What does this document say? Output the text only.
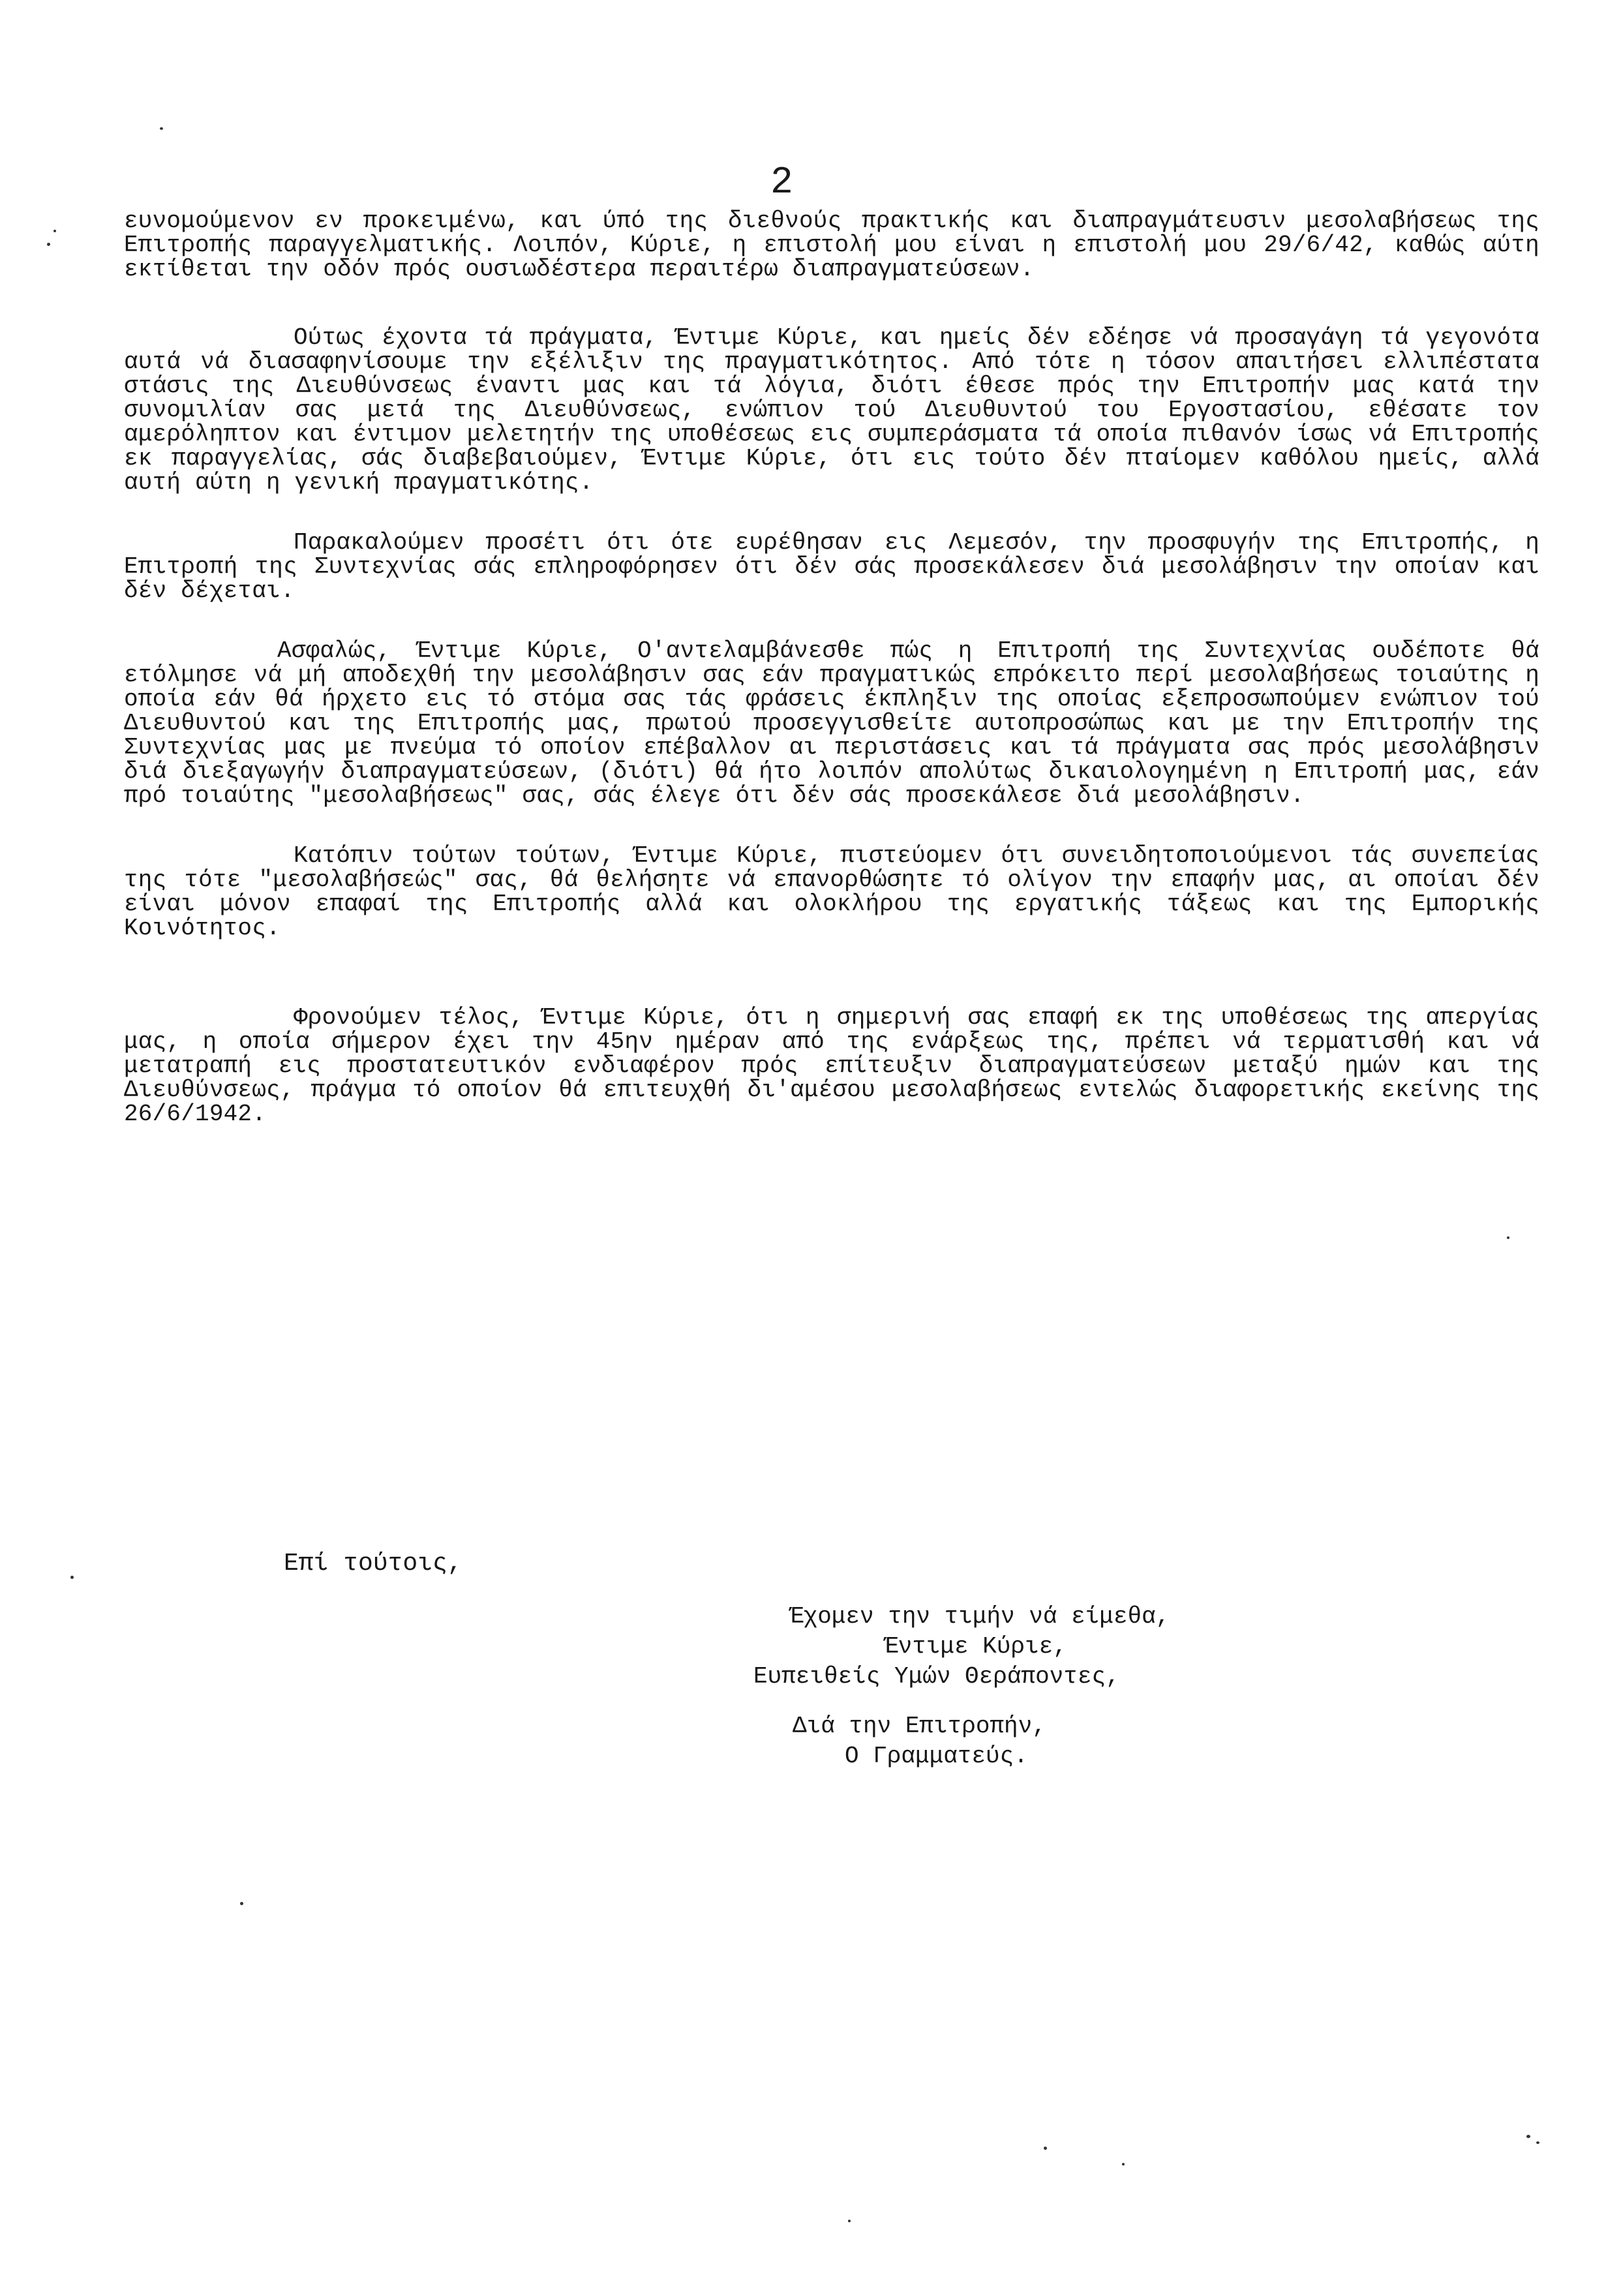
2

ευνομούμενον εν προκειμένω, και ύπό της διεθνούς πρακτικής και διαπραγμάτευσιν μεσολαβήσεως της Επιτροπής παραγγελματικής. Λοιπόν, Κύριε, η επιστολή μου είναι η επιστολή μου 29/6/42, καθώς αύτη εκτίθεται την οδόν πρός ουσιωδέστερα περαιτέρω διαπραγματεύσεων.

Ούτως έχοντα τά πράγματα, Έντιμε Κύριε, και ημείς δέν εδέησε νά προσαγάγη τά γεγονότα αυτά νά διασαφηνίσουμε την εξέλιξιν της πραγματικότητος. Από τότε η τόσον απαιτήσει ελλιπέστατα στάσις της Διευθύνσεως έναντι μας και τά λόγια, διότι έθεσε πρός την Επιτροπήν μας κατά την συνομιλίαν σας μετά της Διευθύνσεως, ενώπιον τού Διευθυντού του Εργοστασίου, εθέσατε τον αμερόληπτον και έντιμον μελετητήν της υποθέσεως εις συμπεράσματα τά οποία πιθανόν ίσως νά Επιτροπής εκ παραγγελίας, σάς διαβεβαιούμεν, Έντιμε Κύριε, ότι εις τούτο δέν πταίομεν καθόλου ημείς, αλλά αυτή αύτη η γενική πραγματικότης.

Παρακαλούμεν προσέτι ότι ότε ευρέθησαν εις Λεμεσόν, την προσφυγήν της Επιτροπής, η Επιτροπή της Συντεχνίας σάς επληροφόρησεν ότι δέν σάς προσεκάλεσεν διά μεσολάβησιν την οποίαν και δέν δέχεται.

Ασφαλώς, Έντιμε Κύριε, Ο'αντελαμβάνεσθε πώς η Επιτροπή της Συντεχνίας ουδέποτε θά ετόλμησε νά μή αποδεχθή την μεσολάβησιν σας εάν πραγματικώς επρόκειτο περί μεσολαβήσεως τοιαύτης η οποία εάν θά ήρχετο εις τό στόμα σας τάς φράσεις έκπληξιν της οποίας εξεπροσωπούμεν ενώπιον τού Διευθυντού και της Επιτροπής μας, πρωτού προσεγγισθείτε αυτοπροσώπως και με την Επιτροπήν της Συντεχνίας μας με πνεύμα τό οποίον επέβαλλον αι περιστάσεις και τά πράγματα σας πρός μεσολάβησιν διά διεξαγωγήν διαπραγματεύσεων, (διότι) θά ήτο λοιπόν απολύτως δικαιολογημένη η Επιτροπή μας, εάν πρό τοιαύτης "μεσολαβήσεως" σας, σάς έλεγε ότι δέν σάς προσεκάλεσε διά μεσολάβησιν.

Κατόπιν τούτων τούτων, Έντιμε Κύριε, πιστεύομεν ότι συνειδητοποιούμενοι τάς συνεπείας της τότε "μεσολαβήσεώς" σας, θά θελήσητε νά επανορθώσητε τό ολίγον την επαφήν μας, αι οποίαι δέν είναι μόνον επαφαί της Επιτροπής αλλά και ολοκλήρου της εργατικής τάξεως και της Εμπορικής Κοινότητος.

Φρονούμεν τέλος, Έντιμε Κύριε, ότι η σημερινή σας επαφή εκ της υποθέσεως της απεργίας μας, η οποία σήμερον έχει την 45ην ημέραν από της ενάρξεως της, πρέπει νά τερματισθή και νά μετατραπή εις προστατευτικόν ενδιαφέρον πρός επίτευξιν διαπραγματεύσεων μεταξύ ημών και της Διευθύνσεως, πράγμα τό οποίον θά επιτευχθή δι'αμέσου μεσολαβήσεως εντελώς διαφορετικής εκείνης της 26/6/1942.

Επί τούτοις,
Έχομεν την τιμήν νά είμεθα,
Έντιμε Κύριε,
Ευπειθείς Υμών Θεράποντες,
Διά την Επιτροπήν,
Ο Γραμματεύς.
